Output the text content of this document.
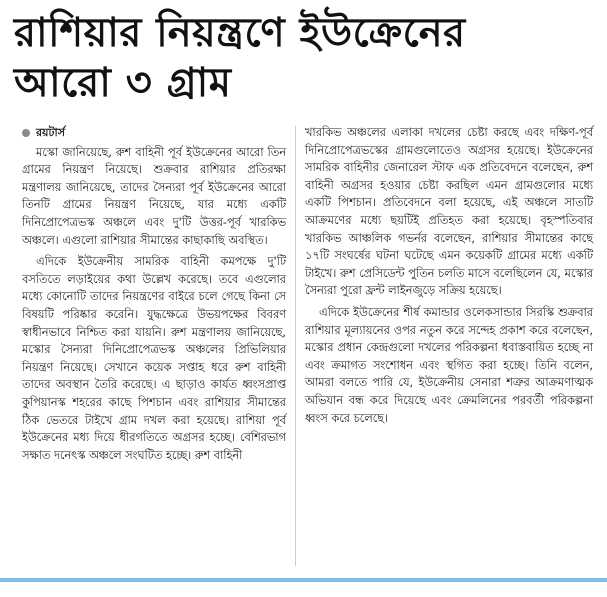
রাশিয়ার নিয়ন্ত্রণে ইউক্রেনের
আরো ৩ গ্রাম
রয়টার্স

মস্কো জানিয়েছে, রুশ বাহিনী পূর্ব ইউক্রেনের আরো তিন গ্রামের নিয়ন্ত্রণ নিয়েছে। শুক্রবার রাশিয়ার প্রতিরক্ষা মন্ত্রণালয় জানিয়েছে, তাদের সৈন্যরা পূর্ব ইউক্রেনের আরো তিনটি গ্রামের নিয়ন্ত্রণ নিয়েছে, যার মধ্যে একটি দিনিপ্রোপেত্রভস্ক অঞ্চলে এবং দু'টি উত্তর-পূর্ব খারকিভ অঞ্চলে। এগুলো রাশিয়ার সীমান্তের কাছাকাছি অবস্থিত।

এদিকে ইউক্রেনীয় সামরিক বাহিনী কমপক্ষে দু'টি বসতিতে লড়াইয়ের কথা উল্লেখ করেছে। তবে এগুলোর মধ্যে কোনোটি তাদের নিয়ন্ত্রণের বাইরে চলে গেছে কিনা সে বিষয়টি পরিষ্কার করেনি। যুদ্ধক্ষেত্রে উভয়পক্ষের বিবরণ স্বাধীনভাবে নিশ্চিত করা যায়নি। রুশ মন্ত্রণালয় জানিয়েছে, মস্কোর সৈন্যরা দিনিপ্রোপেত্রভস্ক অঞ্চলের প্রিভিলিয়ার নিয়ন্ত্রণ নিয়েছে। সেখানে কয়েক সপ্তাহ ধরে রুশ বাহিনী তাদের অবস্থান তৈরি করেছে। এ ছাড়াও কার্যত ধ্বংসপ্রাপ্ত কুপিয়ানস্ক শহরের কাছে পিশচান এবং রাশিয়ার সীমান্তের ঠিক ভেতরে টাইখে গ্রাম দখল করা হয়েছে। রাশিয়া পূর্ব ইউক্রেনের মধ্য দিয়ে ধীরগতিতে অগ্রসর হচ্ছে। বেশিরভাগ সক্ষাত দনেৎস্ক অঞ্চলে সংঘটিত হচ্ছে। রুশ বাহিনী

খারকিভ অঞ্চলের এলাকা দখলের চেষ্টা করছে এবং দক্ষিণ-পূর্ব দিনিপ্রোপেত্রভস্কের গ্রামগুলোতেও অগ্রসর হয়েছে। ইউক্রেনের সামরিক বাহিনীর জেনারেল স্টাফ এক প্রতিবেদনে বলেছেন, রুশ বাহিনী অগ্রসর হওয়ার চেষ্টা করছিল এমন গ্রামগুলোর মধ্যে একটি পিশচান। প্রতিবেদনে বলা হয়েছে, এই অঞ্চলে সাতটি আক্রমণের মধ্যে ছয়টিই প্রতিহত করা হয়েছে। বৃহস্পতিবার খারকিভ আঞ্চলিক গভর্নর বলেছেন, রাশিয়ার সীমান্তের কাছে ১৭টি সংঘর্ষের ঘটনা ঘটেছে এমন কয়েকটি গ্রামের মধ্যে একটি টাইখে। রুশ প্রেসিডেন্ট পুতিন চলতি মাসে বলেছিলেন যে, মস্কোর সৈন্যরা পুরো ফ্রন্ট লাইনজুড়ে সক্রিয় হয়েছে।

এদিকে ইউক্রেনের শীর্ষ কমান্ডার ওলেকসান্ডার সিরস্কি শুক্রবার রাশিয়ার মূল্যায়নের ওপর নতুন করে সন্দেহ প্রকাশ করে বলেছেন, মস্কোর প্রধান কেন্দ্রগুলো দখলের পরিকল্পনা ধবাস্তবায়িত হচ্ছে না এবং ক্রমাগত সংশোধন এবং স্থগিত করা হচ্ছে। তিনি বলেন, আমরা বলতে পারি যে, ইউক্রেনীয় সেনারা শত্রুর আক্রমণাত্মক অভিযান বন্ধ করে দিয়েছে এবং ক্রেমলিনের পরবর্তী পরিকল্পনা ধ্বংস করে চলেছে।
